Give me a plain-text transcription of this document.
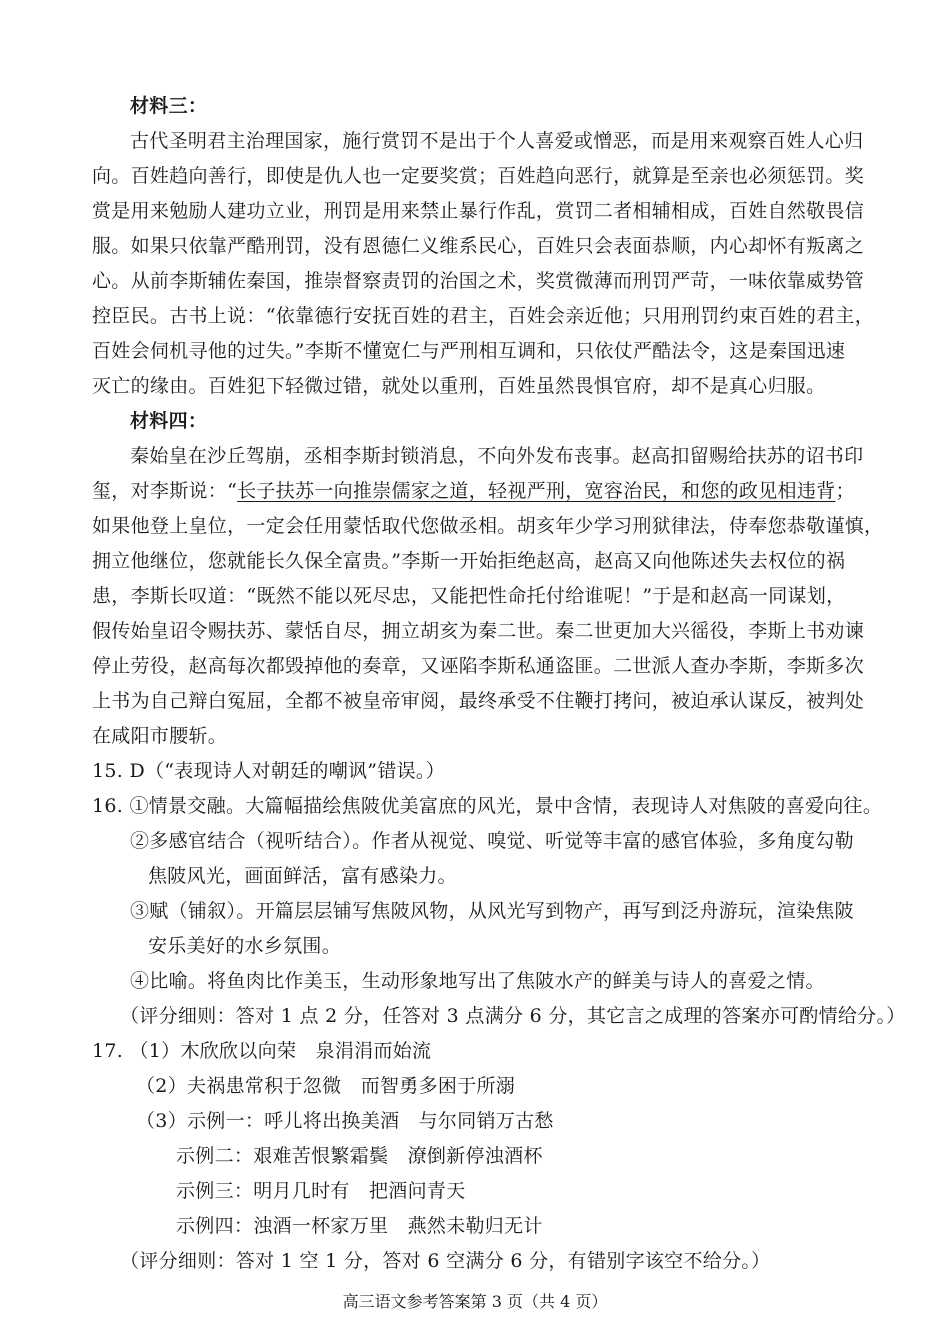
材料三：
古代圣明君主治理国家，施行赏罚不是出于个人喜爱或憎恶，而是用来观察百姓人心归
向。百姓趋向善行，即使是仇人也一定要奖赏；百姓趋向恶行，就算是至亲也必须惩罚。奖
赏是用来勉励人建功立业，刑罚是用来禁止暴行作乱，赏罚二者相辅相成，百姓自然敬畏信
服。如果只依靠严酷刑罚，没有恩德仁义维系民心，百姓只会表面恭顺，内心却怀有叛离之
心。从前李斯辅佐秦国，推崇督察责罚的治国之术，奖赏微薄而刑罚严苛，一味依靠威势管
控臣民。古书上说：“依靠德行安抚百姓的君主，百姓会亲近他；只用刑罚约束百姓的君主，
百姓会伺机寻他的过失。”李斯不懂宽仁与严刑相互调和，只依仗严酷法令，这是秦国迅速
灭亡的缘由。百姓犯下轻微过错，就处以重刑，百姓虽然畏惧官府，却不是真心归服。
材料四：
秦始皇在沙丘驾崩，丞相李斯封锁消息，不向外发布丧事。赵高扣留赐给扶苏的诏书印
玺，对李斯说：“长子扶苏一向推崇儒家之道，轻视严刑，宽容治民，和您的政见相违背；
如果他登上皇位，一定会任用蒙恬取代您做丞相。胡亥年少学习刑狱律法，侍奉您恭敬谨慎，
拥立他继位，您就能长久保全富贵。”李斯一开始拒绝赵高，赵高又向他陈述失去权位的祸
患，李斯长叹道：“既然不能以死尽忠，又能把性命托付给谁呢！”于是和赵高一同谋划，
假传始皇诏令赐扶苏、蒙恬自尽，拥立胡亥为秦二世。秦二世更加大兴徭役，李斯上书劝谏
停止劳役，赵高每次都毁掉他的奏章，又诬陷李斯私通盗匪。二世派人查办李斯，李斯多次
上书为自己辩白冤屈，全都不被皇帝审阅，最终承受不住鞭打拷问，被迫承认谋反，被判处
在咸阳市腰斩。
15. D（“表现诗人对朝廷的嘲讽”错误。）
16. ①情景交融。大篇幅描绘焦陂优美富庶的风光，景中含情，表现诗人对焦陂的喜爱向往。
②多感官结合（视听结合）。作者从视觉、嗅觉、听觉等丰富的感官体验，多角度勾勒
焦陂风光，画面鲜活，富有感染力。
③赋（铺叙）。开篇层层铺写焦陂风物，从风光写到物产，再写到泛舟游玩，渲染焦陂
安乐美好的水乡氛围。
④比喻。将鱼肉比作美玉，生动形象地写出了焦陂水产的鲜美与诗人的喜爱之情。
（评分细则：答对 1 点 2 分，任答对 3 点满分 6 分，其它言之成理的答案亦可酌情给分。）
17. （1）木欣欣以向荣　泉涓涓而始流
（2）夫祸患常积于忽微　而智勇多困于所溺
（3）示例一：呼儿将出换美酒　与尔同销万古愁
示例二：艰难苦恨繁霜鬓　潦倒新停浊酒杯
示例三：明月几时有　把酒问青天
示例四：浊酒一杯家万里　燕然未勒归无计
（评分细则：答对 1 空 1 分，答对 6 空满分 6 分，有错别字该空不给分。）
高三语文参考答案第 3 页（共 4 页）
